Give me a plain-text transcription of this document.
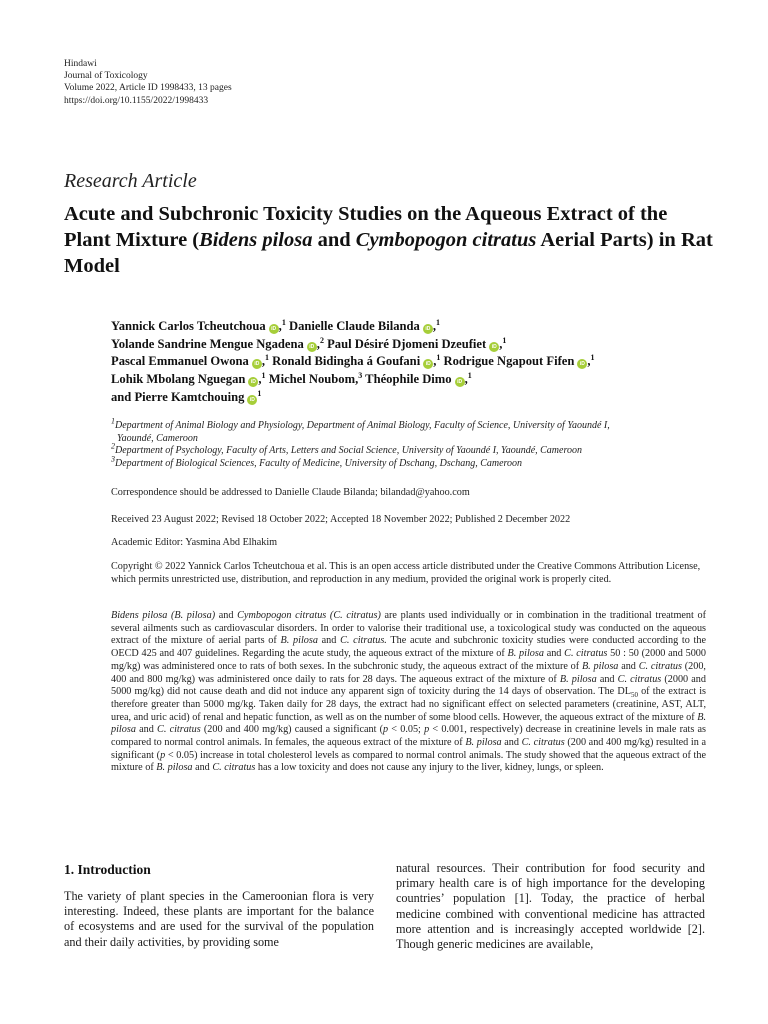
Hindawi
Journal of Toxicology
Volume 2022, Article ID 1998433, 13 pages
https://doi.org/10.1155/2022/1998433
Research Article
Acute and Subchronic Toxicity Studies on the Aqueous Extract of the Plant Mixture (Bidens pilosa and Cymbopogon citratus Aerial Parts) in Rat Model
Yannick Carlos Tcheutchoua iD ,$^1$ Danielle Claude Bilanda iD ,$^1$
Yolande Sandrine Mengue Ngadena iD ,$^2$ Paul Désiré Djomeni Dzeufiet iD ,$^1$
Pascal Emmanuel Owona iD ,$^1$ Ronald Bidingha á Goufani iD ,$^1$ Rodrigue Ngapout Fifen iD ,$^1$
Lohik Mbolang Nguegan iD ,$^1$ Michel Noubom,$^3$ Théophile Dimo iD ,$^1$
and Pierre Kamtchouing $iD^1$
$^1$Department of Animal Biology and Physiology, Department of Animal Biology, Faculty of Science, University of Yaoundé I,
Yaoundé, Cameroon
$^2$Department of Psychology, Faculty of Arts, Letters and Social Science, University of Yaoundé I, Yaoundé, Cameroon
$^3$Department of Biological Sciences, Faculty of Medicine, University of Dschang, Dschang, Cameroon
Correspondence should be addressed to Danielle Claude Bilanda; bilandad@yahoo.com
Received 23 August 2022; Revised 18 October 2022; Accepted 18 November 2022; Published 2 December 2022
Academic Editor: Yasmina Abd Elhakim
Copyright © 2022 Yannick Carlos Tcheutchoua et al. This is an open access article distributed under the Creative Commons Attribution License, which permits unrestricted use, distribution, and reproduction in any medium, provided the original work is properly cited.
Bidens pilosa (B. pilosa) and Cymbopogon citratus (C. citratus) are plants used individually or in combination in the traditional treatment of several ailments such as cardiovascular disorders. In order to valorise their traditional use, a toxicological study was conducted on the aqueous extract of the mixture of aerial parts of B. pilosa and C. citratus. The acute and subchronic toxicity studies were conducted according to the OECD 425 and 407 guidelines. Regarding the acute study, the aqueous extract of the mixture of B. pilosa and C. citratus 50 : 50 (2000 and 5000 mg/kg) was administered once to rats of both sexes. In the subchronic study, the aqueous extract of the mixture of B. pilosa and C. citratus (200, 400 and 800 mg/kg) was administered once daily to rats for 28 days. The aqueous extract of the mixture of B. pilosa and C. citratus (2000 and 5000 mg/kg) did not cause death and did not induce any apparent sign of toxicity during the 14 days of observation. The $DL_{50}$ of the extract is therefore greater than 5000 mg/kg. Taken daily for 28 days, the extract had no significant effect on selected parameters (creatinine, AST, ALT, urea, and uric acid) of renal and hepatic function, as well as on the number of some blood cells. However, the aqueous extract of the mixture of B. pilosa and C. citratus (200 and 400 mg/kg) caused a significant (p < 0.05; p < 0.001, respectively) decrease in creatinine levels in male rats as compared to normal control animals. In females, the aqueous extract of the mixture of B. pilosa and C. citratus (200 and 400 mg/kg) resulted in a significant (p < 0.05) increase in total cholesterol levels as compared to normal control animals. The study showed that the aqueous extract of the mixture of B. pilosa and C. citratus has a low toxicity and does not cause any injury to the liver, kidney, lungs, or spleen.
1. Introduction
The variety of plant species in the Cameroonian flora is very interesting. Indeed, these plants are important for the balance of ecosystems and are used for the survival of the population and their daily activities, by providing some
natural resources. Their contribution for food security and primary health care is of high importance for the developing countries’ population [1]. Today, the practice of herbal medicine combined with conventional medicine has attracted more attention and is increasingly accepted worldwide [2]. Though generic medicines are available,
